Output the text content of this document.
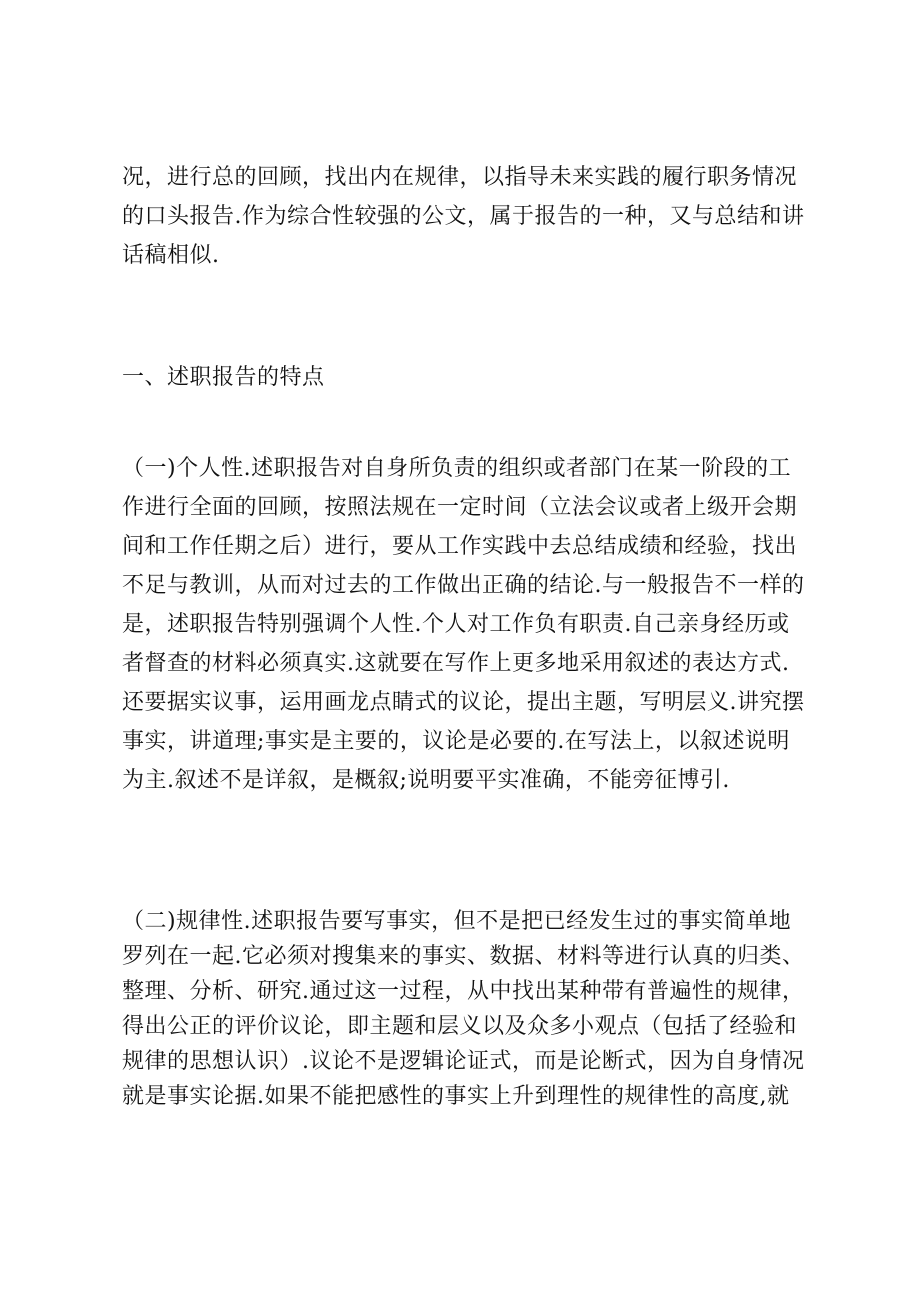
况，进行总的回顾，找出内在规律，以指导未来实践的履行职务情况
的口头报告.作为综合性较强的公文，属于报告的一种，又与总结和讲
话稿相似.
一、述职报告的特点
（一)个人性.述职报告对自身所负责的组织或者部门在某一阶段的工
作进行全面的回顾，按照法规在一定时间（立法会议或者上级开会期
间和工作任期之后）进行，要从工作实践中去总结成绩和经验，找出
不足与教训，从而对过去的工作做出正确的结论.与一般报告不一样的
是，述职报告特别强调个人性.个人对工作负有职责.自己亲身经历或
者督查的材料必须真实.这就要在写作上更多地采用叙述的表达方式.
还要据实议事，运用画龙点睛式的议论，提出主题，写明层义.讲究摆
事实，讲道理;事实是主要的，议论是必要的.在写法上，以叙述说明
为主.叙述不是详叙，是概叙;说明要平实准确，不能旁征博引.
（二)规律性.述职报告要写事实，但不是把已经发生过的事实简单地
罗列在一起.它必须对搜集来的事实、数据、材料等进行认真的归类、
整理、分析、研究.通过这一过程，从中找出某种带有普遍性的规律，
得出公正的评价议论，即主题和层义以及众多小观点（包括了经验和
规律的思想认识）.议论不是逻辑论证式，而是论断式，因为自身情况
就是事实论据.如果不能把感性的事实上升到理性的规律性的高度,就
